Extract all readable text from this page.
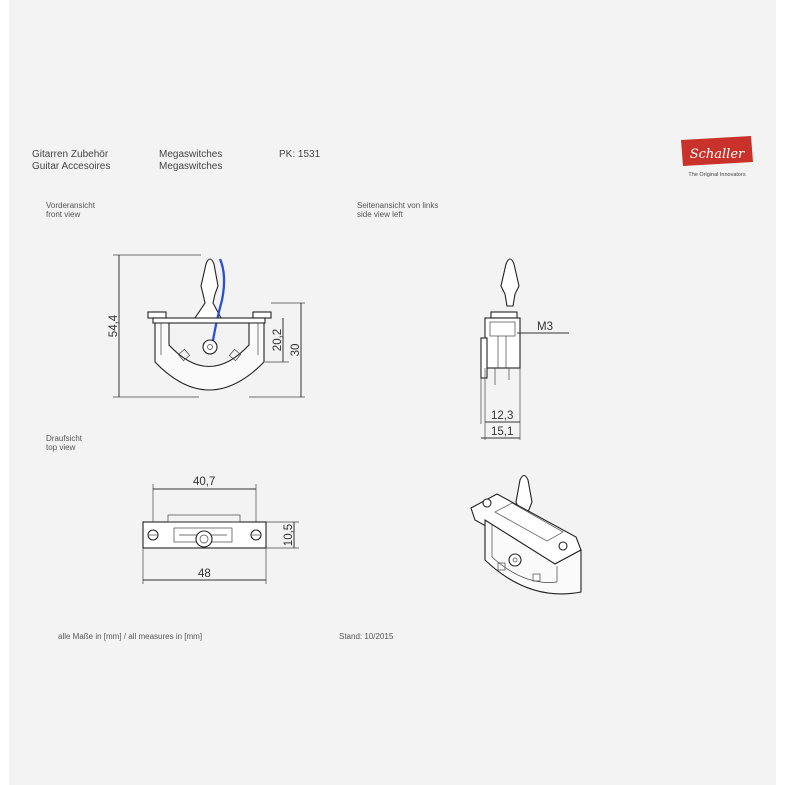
Gitarren Zubehör
Guitar Accesoires
Megaswitches
Megaswitches
PK: 1531	Schaller
The Original Innovators
Vorderansicht
front view
Seitenansicht von links
side view left
Draufsicht
top view
54,4
20,2 30
M3
12,3
15,1
40,7
48
10,5
alle Maße in [mm] / all measures in [mm]	Stand: 10/2015
